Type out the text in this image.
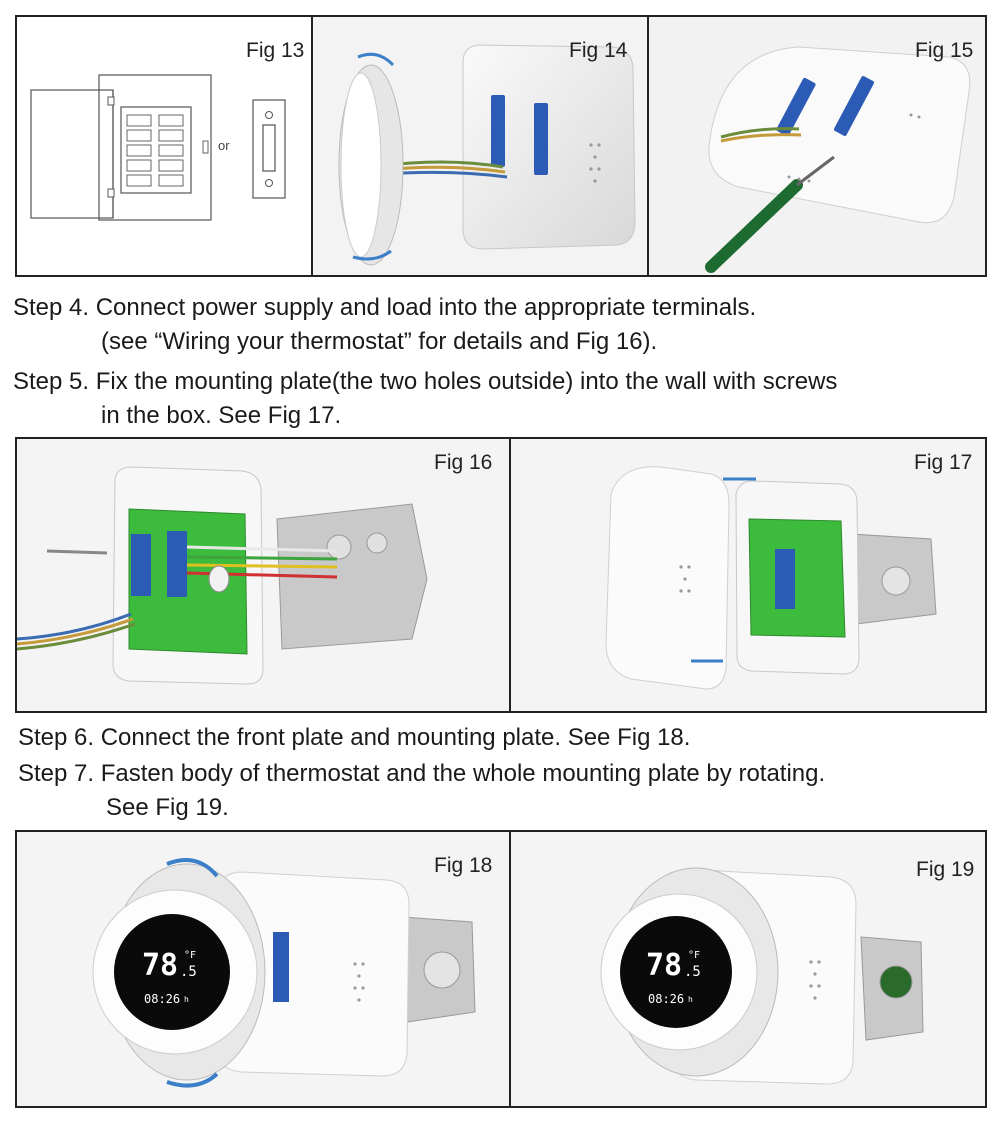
or
Fig 13	Fig 14	Fig 15
Step 4. Connect power supply and load into the appropriate terminals.
(see “Wiring your thermostat” for details and Fig 16).
Step 5. Fix the mounting plate(the two holes outside) into the wall with screws
in the box. See Fig 17.
Fig 16	Fig 17
Step 6. Connect the front plate and mounting plate. See Fig 18.
Step 7. Fasten body of thermostat and the whole mounting plate by rotating.
See Fig 19.
78 .5
°F
08:26 h
Fig 18
78 .5
°F
08:26 h
Fig 19
